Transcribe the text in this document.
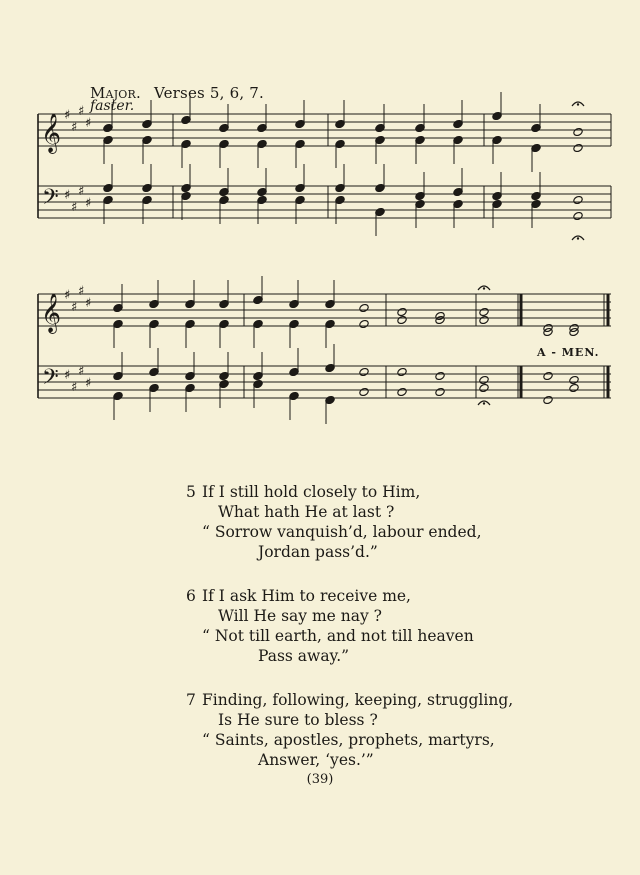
Major. Verses 5, 6, 7.
faster.
𝄞
𝄢
♯
♯
♯
♯
♯
♯
♯
♯
𝄞
𝄢
♯
♯
♯
♯
♯
♯
♯
♯
A - MEN.
5 If I still hold closely to Him,
What hath He at last ?
“ Sorrow vanquish’d, labour ended,
Jordan pass’d.”
6 If I ask Him to receive me,
Will He say me nay ?
“ Not till earth, and not till heaven
Pass away.”
7 Finding, following, keeping, struggling,
Is He sure to bless ?
“ Saints, apostles, prophets, martyrs,
Answer, ‘yes.’”
(39)
